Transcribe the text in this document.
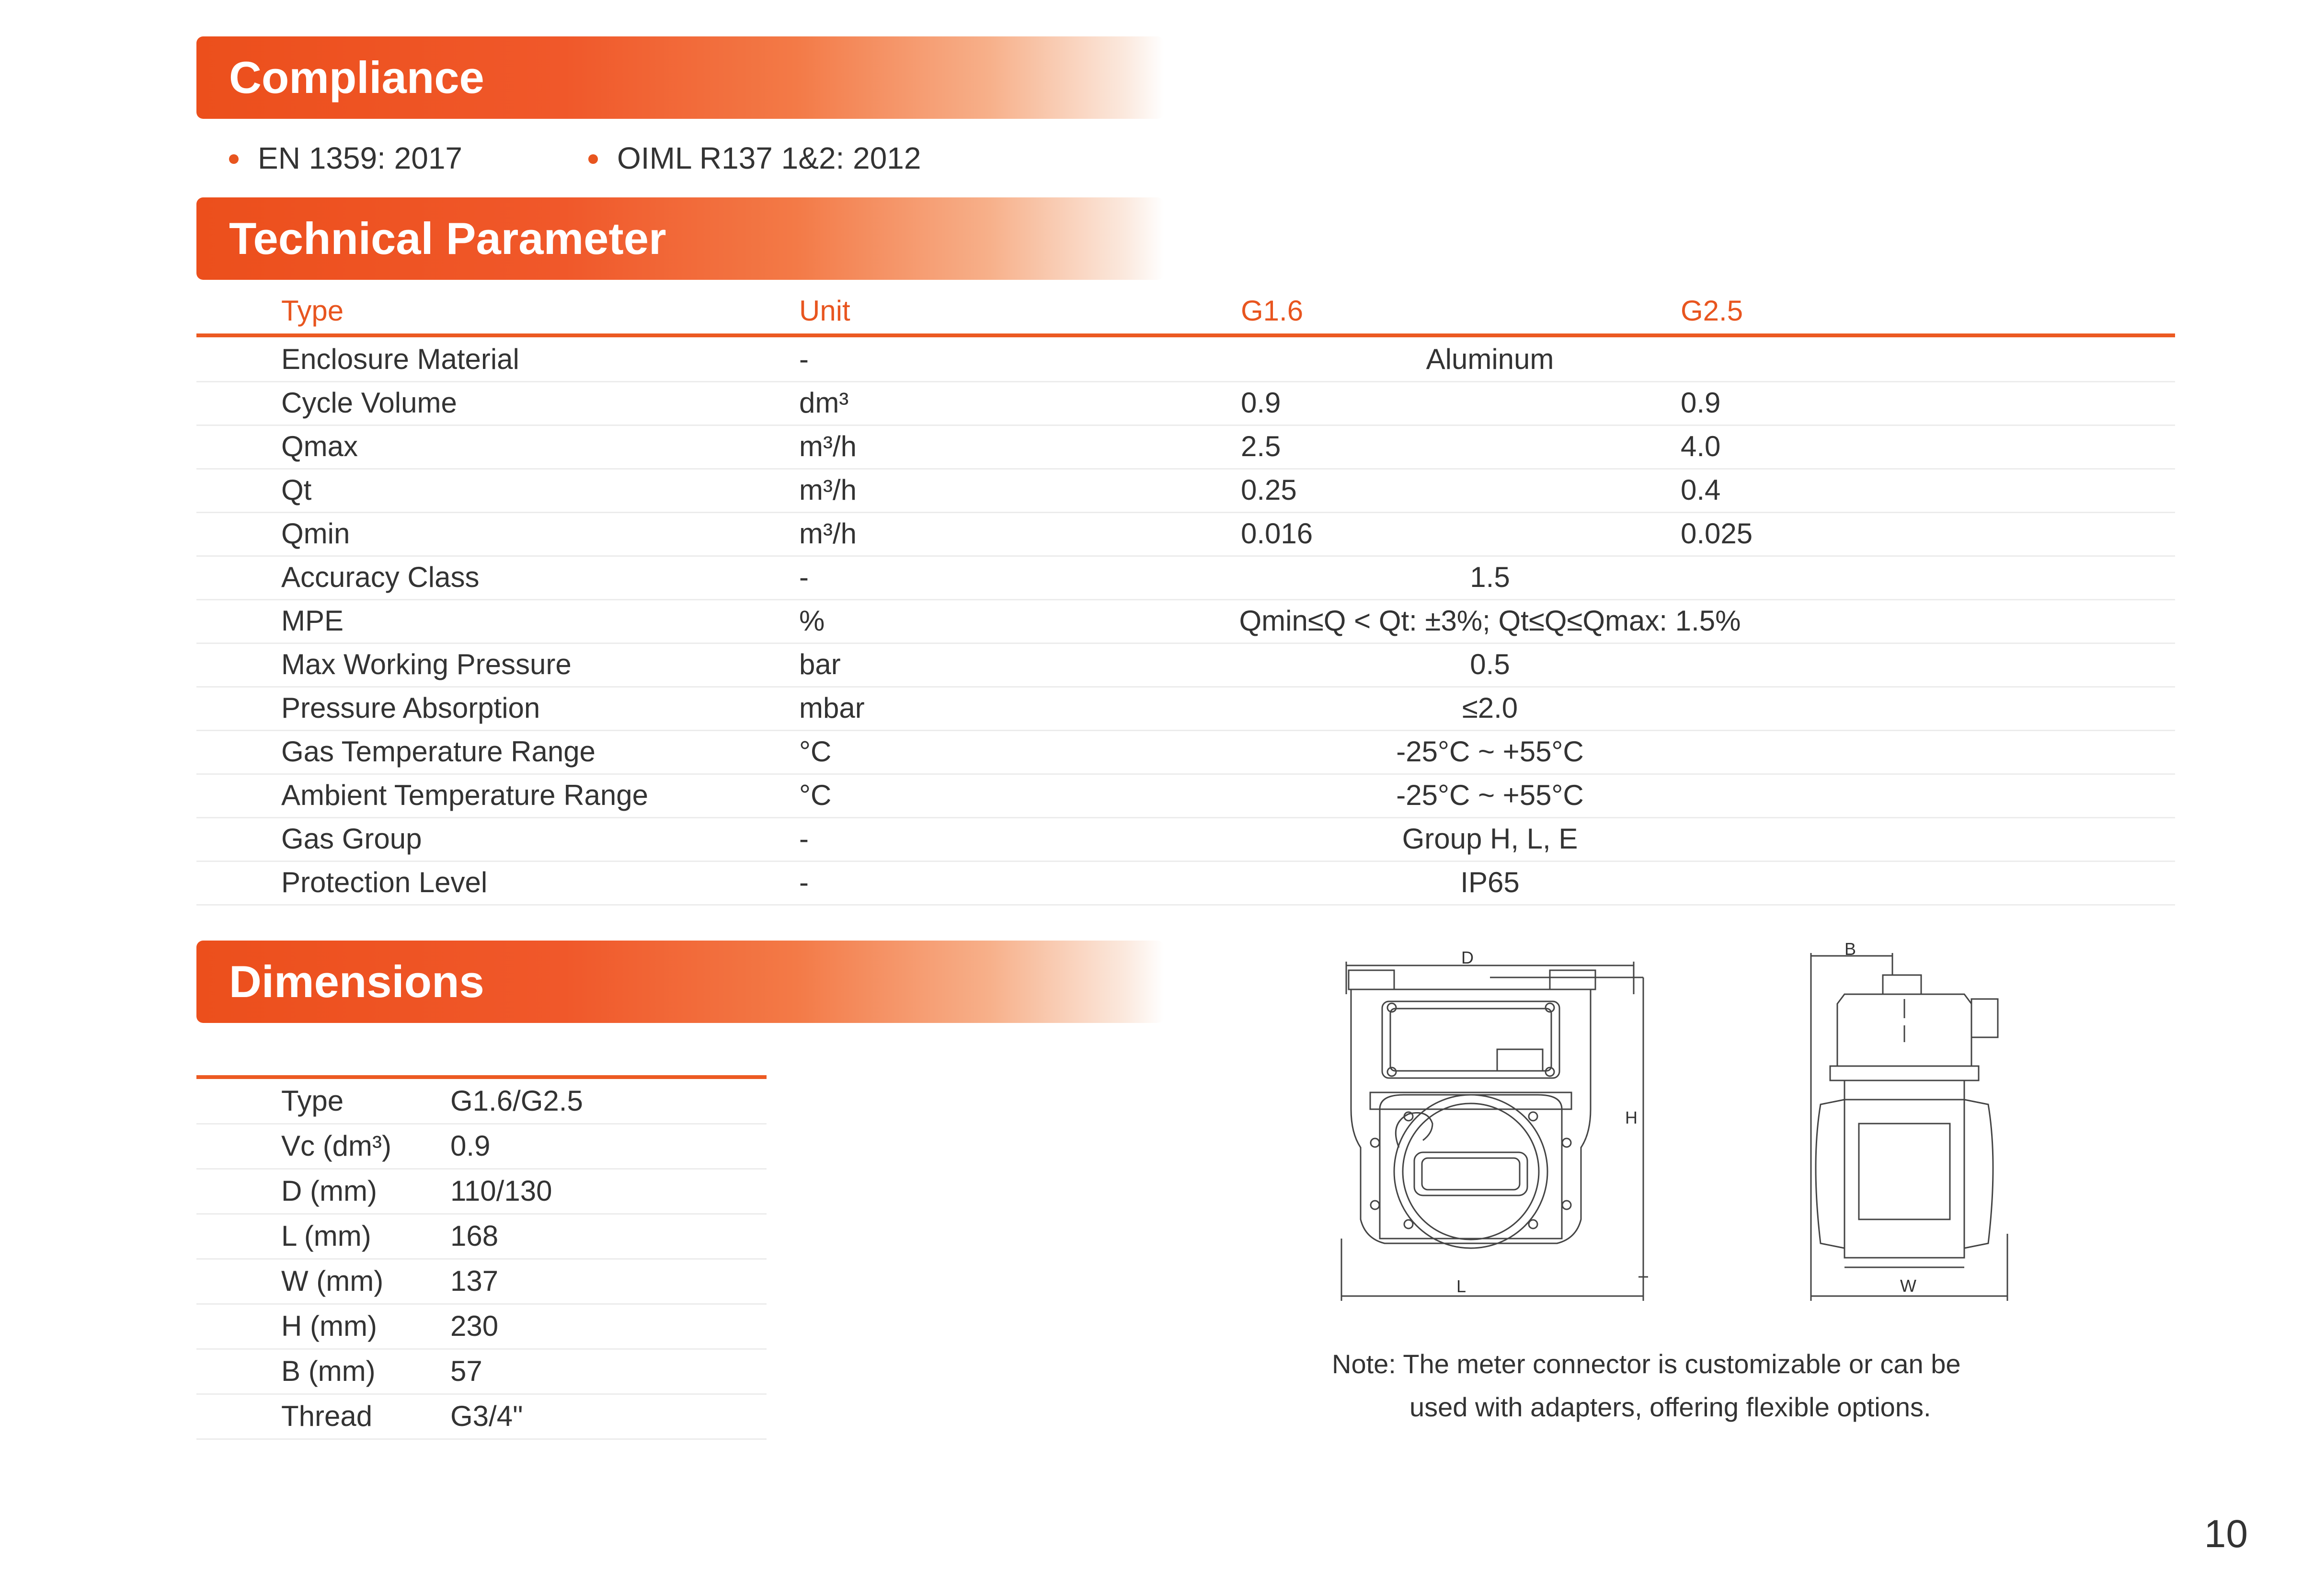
Compliance
EN 1359: 2017	OIML R137 1&2: 2012
Technical Parameter
Type	Unit	G1.6	G2.5
Enclosure Material	-	Aluminum
Cycle Volume	dm³	0.9	0.9
Qmax	m³/h	2.5	4.0
Qt	m³/h	0.25	0.4
Qmin	m³/h	0.016	0.025
Accuracy Class	-	1.5
MPE	%	Qmin≤Q < Qt: ±3%; Qt≤Q≤Qmax: 1.5%
Max Working Pressure	bar	0.5
Pressure Absorption	mbar	≤2.0
Gas Temperature Range	°C	-25°C ~ +55°C
Ambient Temperature Range	°C	-25°C ~ +55°C
Gas Group	-	Group H, L, E
Protection Level	-	IP65
Dimensions
Type	G1.6/G2.5
Vc (dm³) 0.9
D (mm)	110/130
L (mm)	168
W (mm) 137
H (mm)	230
B (mm)	57
Thread	G3/4"
D
H
L
B
W
Note: The meter connector is customizable or can be
used with adapters, offering flexible options.
10
